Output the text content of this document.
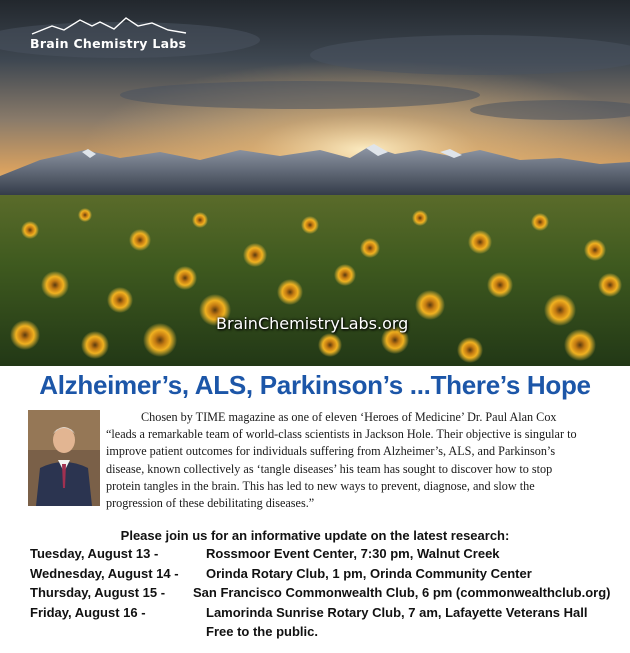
Brain Chemistry Labs
BrainChemistryLabs.org
Alzheimer’s, ALS, Parkinson’s ...There’s Hope
Chosen by TIME magazine as one of eleven ‘Heroes of Medicine’ Dr. Paul Alan Cox “leads a remarkable team of world-class scientists in Jackson Hole. Their objective is singular to improve patient outcomes for individuals suffering from Alzheimer’s, ALS, and Parkinson’s disease, known collectively as ‘tangle diseases’ his team has sought to discover how to stop protein tangles in the brain. This has led to new ways to prevent, diagnose, and slow the progression of these debilitating diseases.”
Please join us for an informative update on the latest research:
Tuesday, August 13 -	Rossmoor Event Center, 7:30 pm, Walnut Creek
Wednesday, August 14 - Orinda Rotary Club, 1 pm, Orinda Community Center
Thursday, August 15 - San Francisco Commonwealth Club, 6 pm (commonwealthclub.org)
Friday, August 16 -	Lamorinda Sunrise Rotary Club, 7 am, Lafayette Veterans Hall
Free to the public.
